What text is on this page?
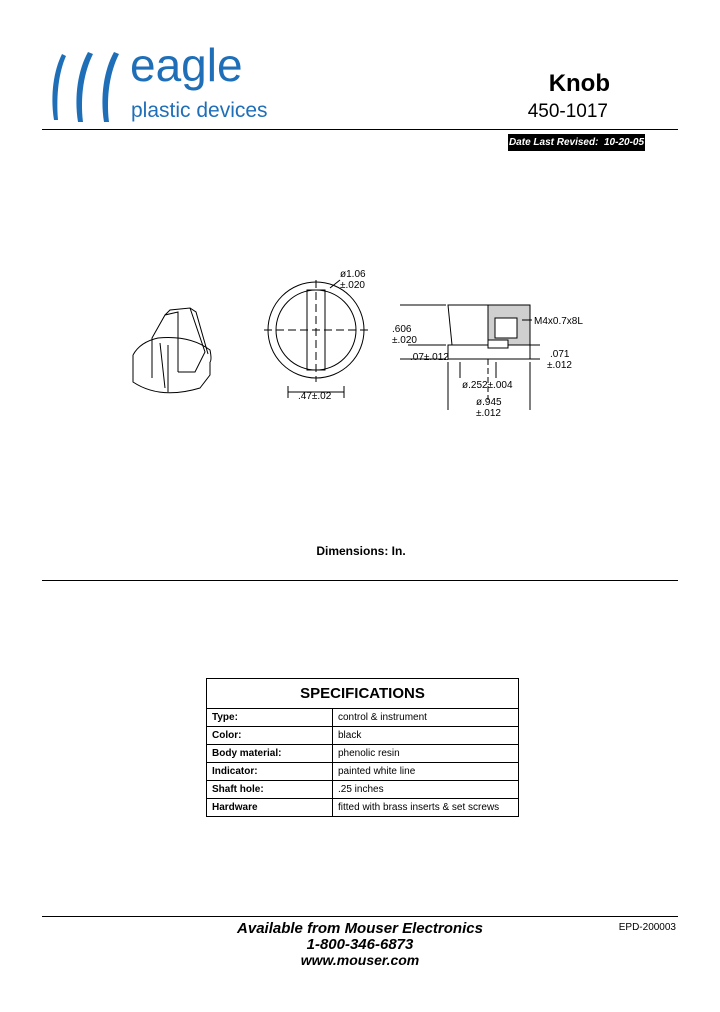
eagle
plastic devices
Knob
450-1017
Date Last Revised: 10-20-05
ø1.06
±.020
.47±.02
.606
±.020
.07±.012
M4x0.7x8L
.071
±.012
ø.252±.004
ø.945
±.012
Dimensions: In.
SPECIFICATIONS	
Type:	control & instrument
Color:	black
Body material:	phenolic resin
Indicator:	painted white line
Shaft hole:	.25 inches
Hardware	fitted with brass inserts & set screws
Available from Mouser Electronics
1-800-346-6873
www.mouser.com
EPD-200003
